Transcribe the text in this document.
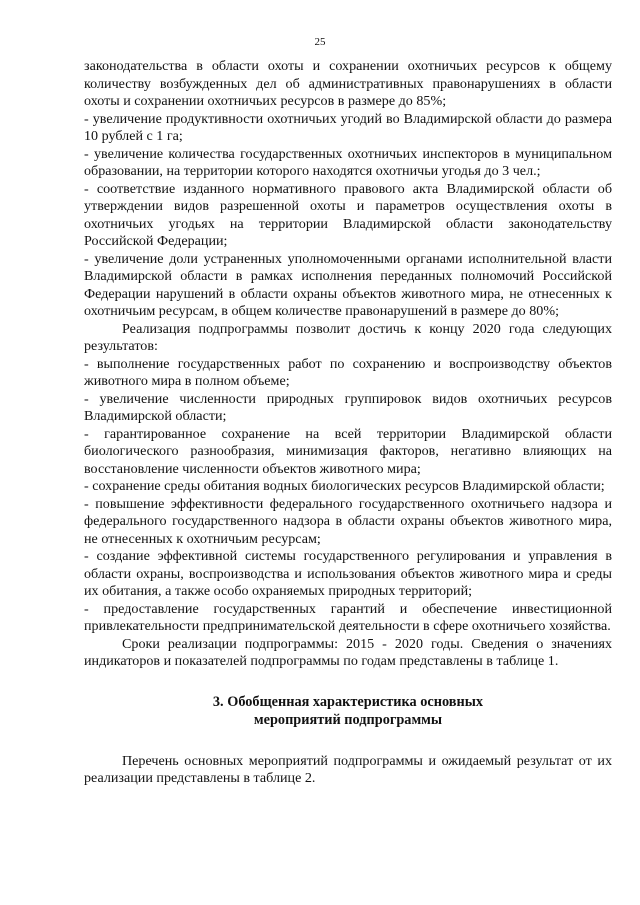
25

законодательства в области охоты и сохранении охотничьих ресурсов к общему количеству возбужденных дел об административных правонарушениях в области охоты и сохранении охотничьих ресурсов в размере до 85%;

- увеличение продуктивности охотничьих угодий во Владимирской области до размера 10 рублей с 1 га;

- увеличение количества государственных охотничьих инспекторов в муниципальном образовании, на территории которого находятся охотничьи угодья до 3 чел.;

- соответствие изданного нормативного правового акта Владимирской области об утверждении видов разрешенной охоты и параметров осуществления охоты в охотничьих угодьях на территории Владимирской области законодательству Российской Федерации;

- увеличение доли устраненных уполномоченными органами исполнительной власти Владимирской области в рамках исполнения переданных полномочий Российской Федерации нарушений в области охраны объектов животного мира, не отнесенных к охотничьим ресурсам, в общем количестве правонарушений в размере до 80%;

Реализация подпрограммы позволит достичь к концу 2020 года следующих результатов:

- выполнение государственных работ по сохранению и воспроизводству объектов животного мира в полном объеме;

- увеличение численности природных группировок видов охотничьих ресурсов Владимирской области;

- гарантированное сохранение на всей территории Владимирской области биологического разнообразия, минимизация факторов, негативно влияющих на восстановление численности объектов животного мира;

- сохранение среды обитания водных биологических ресурсов Владимирской области;

- повышение эффективности федерального государственного охотничьего надзора и федерального государственного надзора в области охраны объектов животного мира, не отнесенных к охотничьим ресурсам;

- создание эффективной системы государственного регулирования и управления в области охраны, воспроизводства и использования объектов животного мира и среды их обитания, а также особо охраняемых природных территорий;

- предоставление государственных гарантий и обеспечение инвестиционной привлекательности предпринимательской деятельности в сфере охотничьего хозяйства.

Сроки реализации подпрограммы: 2015 - 2020 годы. Сведения о значениях индикаторов и показателей подпрограммы по годам представлены в таблице 1.

3. Обобщенная характеристика основных
мероприятий подпрограммы

Перечень основных мероприятий подпрограммы и ожидаемый результат от их реализации представлены в таблице 2.
